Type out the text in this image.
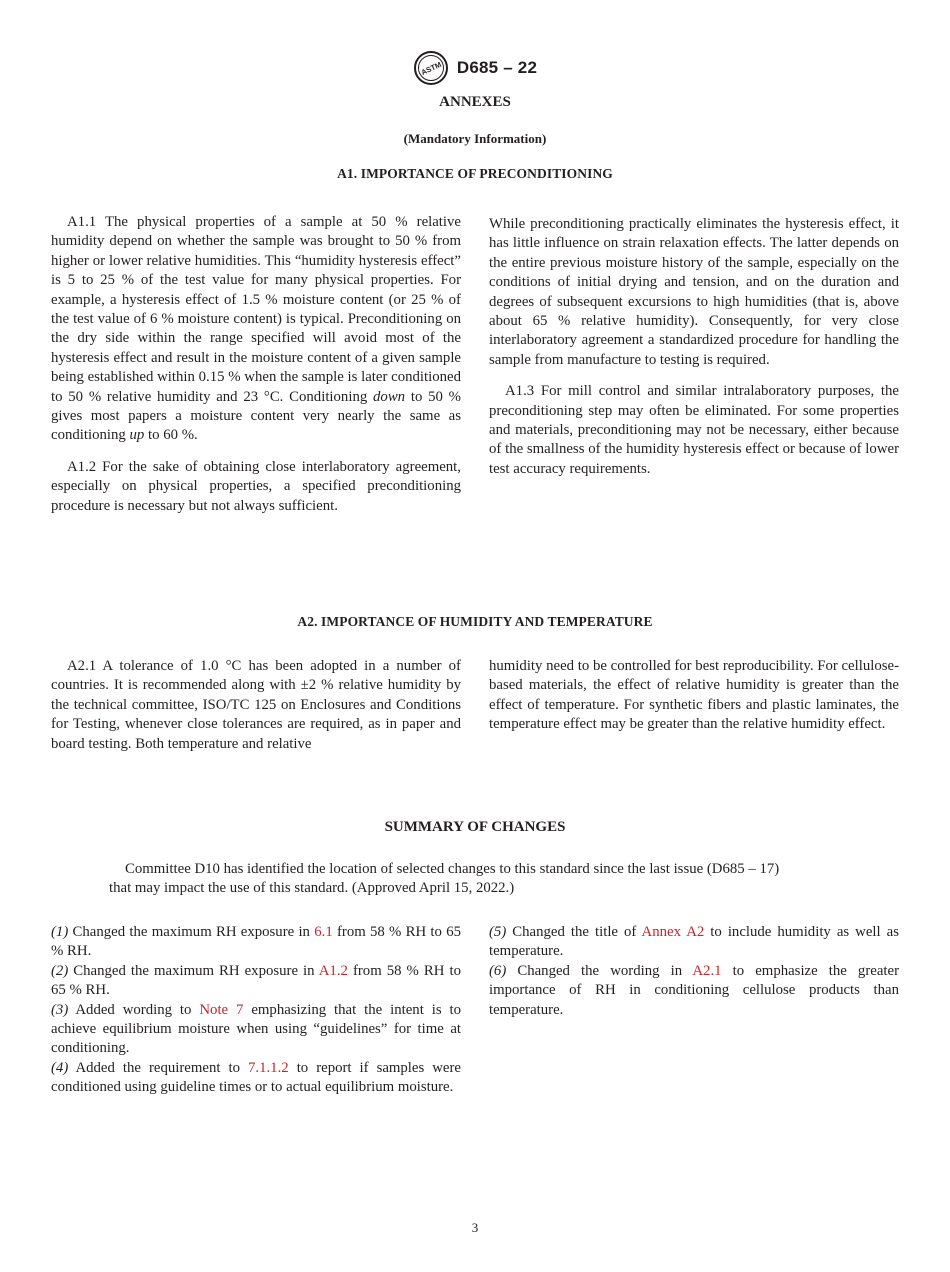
ASTM D685 – 22
ANNEXES
(Mandatory Information)
A1. IMPORTANCE OF PRECONDITIONING

A1.1 The physical properties of a sample at 50 % relative humidity depend on whether the sample was brought to 50 % from higher or lower relative humidities. This “humidity hysteresis effect” is 5 to 25 % of the test value for many physical properties. For example, a hysteresis effect of 1.5 % moisture content (or 25 % of the test value of 6 % moisture content) is typical. Preconditioning on the dry side within the range specified will avoid most of the hysteresis effect and result in the moisture content of a given sample being established within 0.15 % when the sample is later conditioned to 50 % relative humidity and 23 °C. Conditioning down to 50 % gives most papers a moisture content very nearly the same as conditioning up to 60 %.

A1.2 For the sake of obtaining close interlaboratory agreement, especially on physical properties, a specified preconditioning procedure is necessary but not always sufficient.

While preconditioning practically eliminates the hysteresis effect, it has little influence on strain relaxation effects. The latter depends on the entire previous moisture history of the sample, especially on the conditions of initial drying and tension, and on the duration and degrees of subsequent excursions to high humidities (that is, above about 65 % relative humidity). Consequently, for very close interlaboratory agreement a standardized procedure for handling the sample from manufacture to testing is required.

A1.3 For mill control and similar intralaboratory purposes, the preconditioning step may often be eliminated. For some properties and materials, preconditioning may not be necessary, either because of the smallness of the humidity hysteresis effect or because of lower test accuracy requirements.

A2. IMPORTANCE OF HUMIDITY AND TEMPERATURE

A2.1 A tolerance of 1.0 °C has been adopted in a number of countries. It is recommended along with ±2 % relative humidity by the technical committee, ISO/TC 125 on Enclosures and Conditions for Testing, whenever close tolerances are required, as in paper and board testing. Both temperature and relative

humidity need to be controlled for best reproducibility. For cellulose-based materials, the effect of relative humidity is greater than the effect of temperature. For synthetic fibers and plastic laminates, the temperature effect may be greater than the relative humidity effect.

SUMMARY OF CHANGES
Committee D10 has identified the location of selected changes to this standard since the last issue (D685 – 17)
that may impact the use of this standard. (Approved April 15, 2022.)

(1) Changed the maximum RH exposure in 6.1 from 58 % RH to 65 % RH.

(2) Changed the maximum RH exposure in A1.2 from 58 % RH to 65 % RH.

(3) Added wording to Note 7 emphasizing that the intent is to achieve equilibrium moisture when using “guidelines” for time at conditioning.

(4) Added the requirement to 7.1.1.2 to report if samples were conditioned using guideline times or to actual equilibrium moisture.

(5) Changed the title of Annex A2 to include humidity as well as temperature.

(6) Changed the wording in A2.1 to emphasize the greater importance of RH in conditioning cellulose products than temperature.

3
